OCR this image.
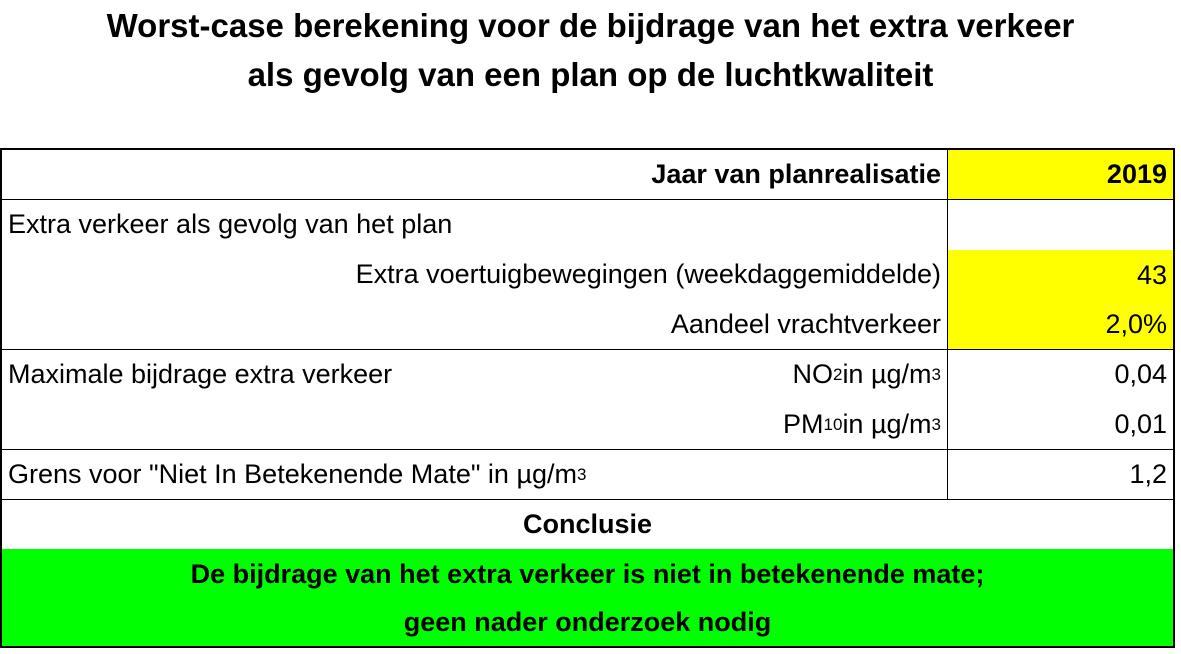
Worst-case berekening voor de bijdrage van het extra verkeer
als gevolg van een plan op de luchtkwaliteit
Jaar van planrealisatie	2019
Extra verkeer als gevolg van het plan
Extra voertuigbewegingen (weekdaggemiddelde)	43
Aandeel vrachtverkeer	2,0%
Maximale bijdrage extra verkeer	NO 2 in µg/m 3	0,04
PM 10 in µg/m 3	0,01
Grens voor "Niet In Betekenende Mate" in µg/m 3	1,2
Conclusie
De bijdrage van het extra verkeer is niet in betekenende mate;
geen nader onderzoek nodig
